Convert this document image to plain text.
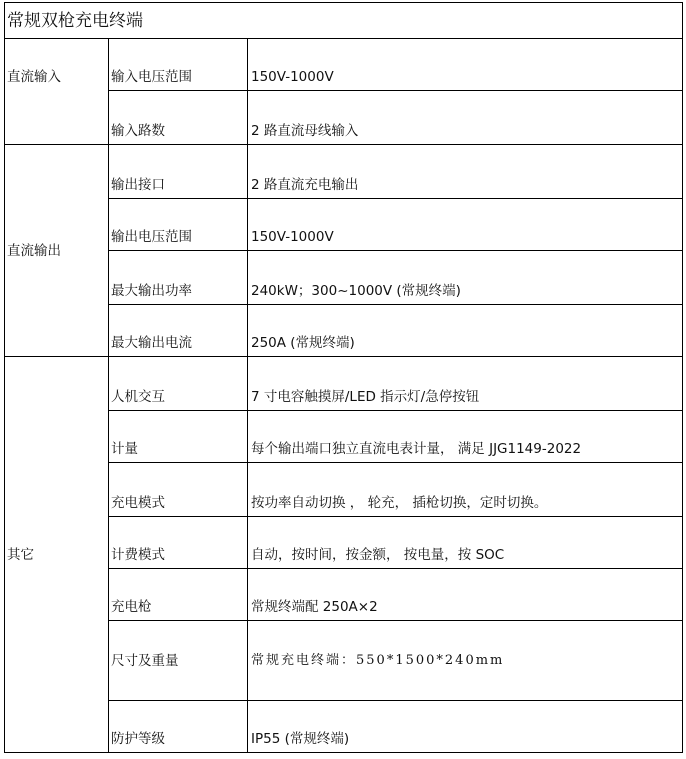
常规双枪充电终端		
直流输入	输入电压范围	150V-1000V
	输入路数	2 路直流母线输入
直流输出	输出接口	2 路直流充电输出
	输出电压范围	150V-1000V
	最大输出功率	240kW；300~1000V (常规终端)
	最大输出电流	250A (常规终端)
其它	人机交互	7 寸电容触摸屏/LED 指示灯/急停按钮
	计量	每个输出端口独立直流电表计量， 满足 JJG1149-2022
	充电模式	按功率自动切换 ， 轮充， 插枪切换，定时切换。
	计费模式	自动，按时间，按金额， 按电量，按 SOC
	充电枪	常规终端配 250A×2
	尺寸及重量	常规充电终端：550*1500*240mm
	防护等级	IP55 (常规终端)
